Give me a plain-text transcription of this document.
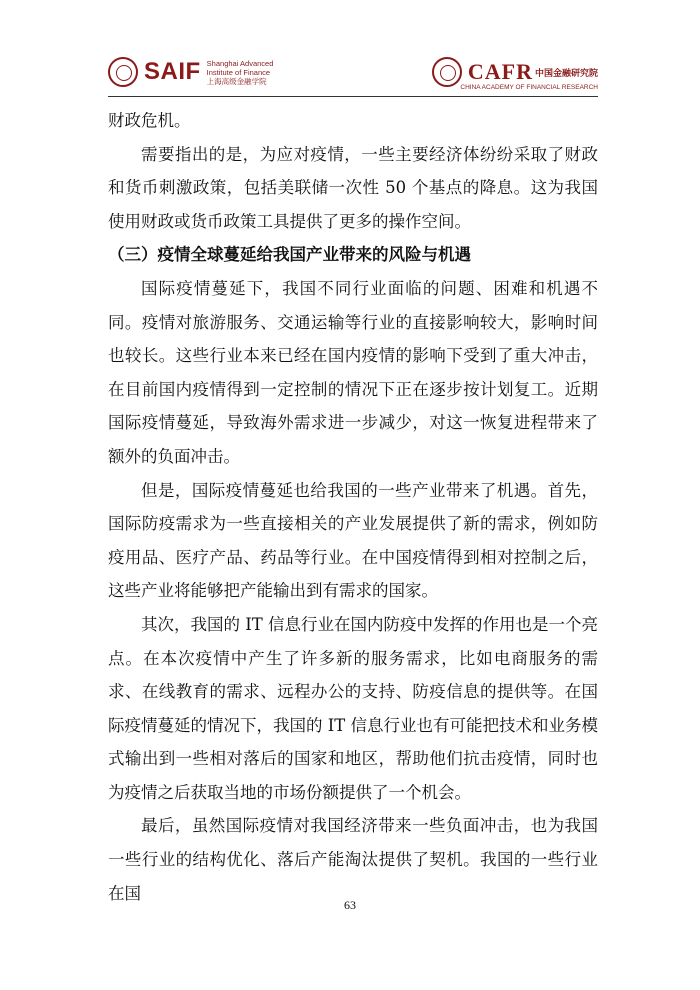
SAIF Shanghai Advanced
Institute of Finance
上海高级金融学院	CAFR 中国金融研究院
CHINA ACADEMY OF FINANCIAL RESEARCH

财政危机。

需要指出的是，为应对疫情，一些主要经济体纷纷采取了财政和货币刺激政策，包括美联储一次性 50 个基点的降息。这为我国使用财政或货币政策工具提供了更多的操作空间。

（三）疫情全球蔓延给我国产业带来的风险与机遇

国际疫情蔓延下，我国不同行业面临的问题、困难和机遇不同。疫情对旅游服务、交通运输等行业的直接影响较大，影响时间也较长。这些行业本来已经在国内疫情的影响下受到了重大冲击，在目前国内疫情得到一定控制的情况下正在逐步按计划复工。近期国际疫情蔓延，导致海外需求进一步减少，对这一恢复进程带来了额外的负面冲击。

但是，国际疫情蔓延也给我国的一些产业带来了机遇。首先，国际防疫需求为一些直接相关的产业发展提供了新的需求，例如防疫用品、医疗产品、药品等行业。在中国疫情得到相对控制之后，这些产业将能够把产能输出到有需求的国家。

其次，我国的 IT 信息行业在国内防疫中发挥的作用也是一个亮点。在本次疫情中产生了许多新的服务需求，比如电商服务的需求、在线教育的需求、远程办公的支持、防疫信息的提供等。在国际疫情蔓延的情况下，我国的 IT 信息行业也有可能把技术和业务模式输出到一些相对落后的国家和地区，帮助他们抗击疫情，同时也为疫情之后获取当地的市场份额提供了一个机会。

最后，虽然国际疫情对我国经济带来一些负面冲击，也为我国一些行业的结构优化、落后产能淘汰提供了契机。我国的一些行业在国

63
